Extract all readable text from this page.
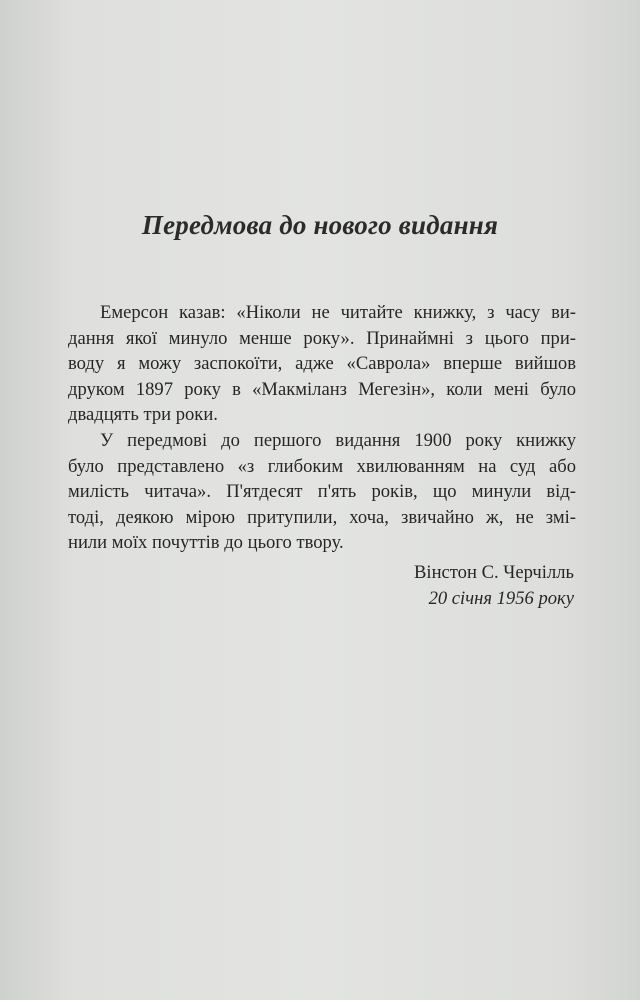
Передмова до нового видання
Емерсон казав: «Ніколи не читайте книжку, з часу ви-
дання якої минуло менше року». Принаймні з цього при-
воду я можу заспокоїти, адже «Саврола» вперше вийшов
друком 1897 року в «Макміланз Мегезін», коли мені було
двадцять три роки.
У передмові до першого видання 1900 року книжку
було представлено «з глибоким хвилюванням на суд або
милість читача». П'ятдесят п'ять років, що минули від-
тоді, деякою мірою притупили, хоча, звичайно ж, не змі-
нили моїх почуттів до цього твору.
Вінстон С. Черчілль
20 січня 1956 року
